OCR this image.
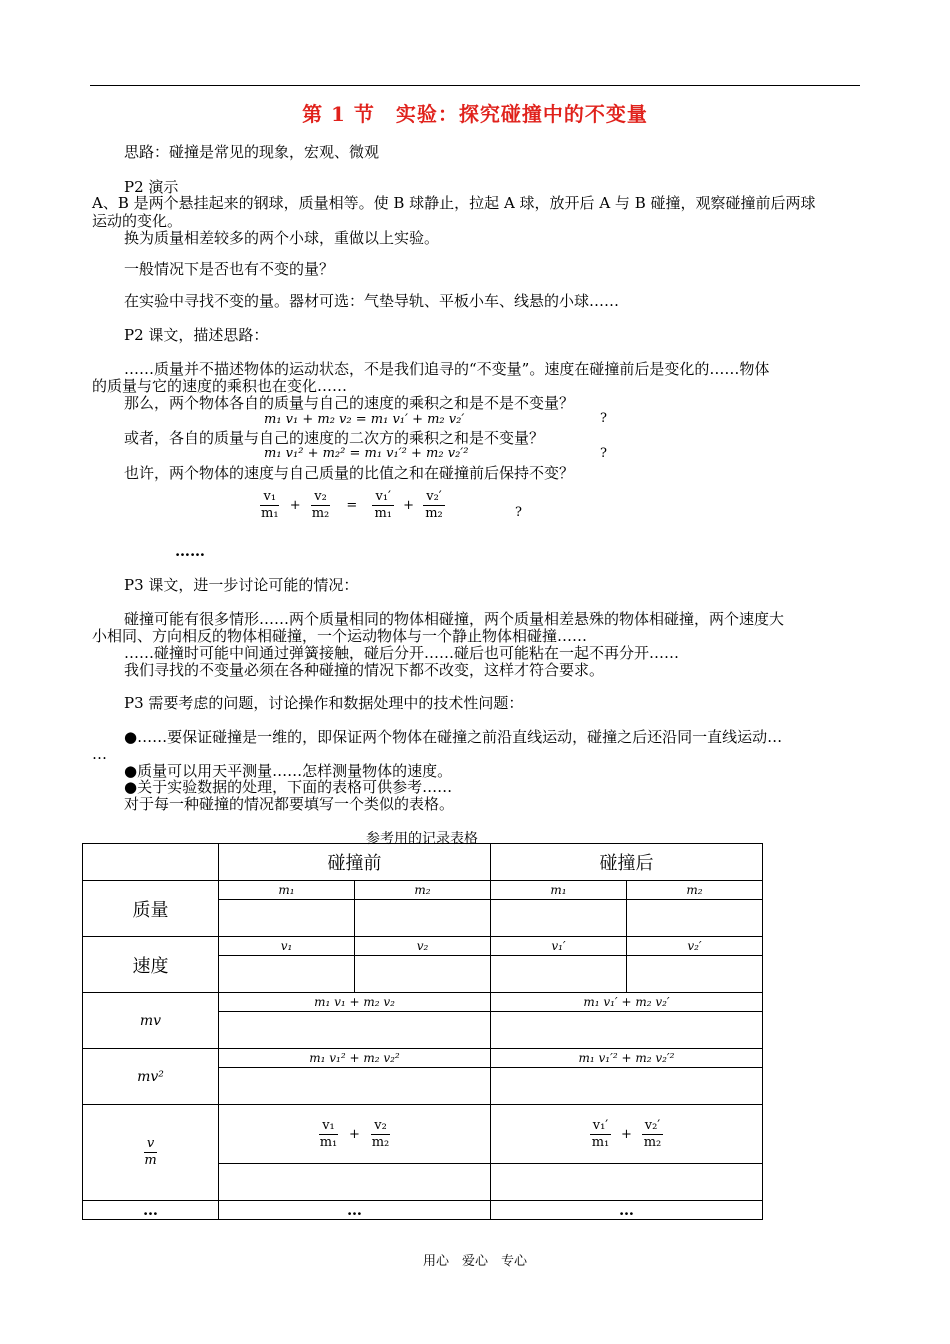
第 1 节　实验：探究碰撞中的不变量
思路：碰撞是常见的现象，宏观、微观
P2 演示
A、B 是两个悬挂起来的钢球，质量相等。使 B 球静止，拉起 A 球，放开后 A 与 B 碰撞，观察碰撞前后两球
运动的变化。
换为质量相差较多的两个小球，重做以上实验。
一般情况下是否也有不变的量？
在实验中寻找不变的量。器材可选：气垫导轨、平板小车、线悬的小球……
P2 课文，描述思路：
……质量并不描述物体的运动状态，不是我们追寻的“不变量”。速度在碰撞前后是变化的……物体
的质量与它的速度的乘积也在变化……
那么，两个物体各自的质量与自己的速度的乘积之和是不是不变量？
m₁ v₁ + m₂ v₂ = m₁ v₁′ + m₂ v₂′	?
或者，各自的质量与自己的速度的二次方的乘积之和是不变量？
m₁ v₁² + m₂² = m₁ v₁′² + m₂ v₂′²	?
也许，两个物体的速度与自己质量的比值之和在碰撞前后保持不变？
$\frac{\text{v₁}}{\text{m₁}} + \frac{\text{v₂}}{\text{m₂}} = \frac{\text{v₁′}}{\text{m₁}} + \frac{\text{v₂′}}{\text{m₂}}$	?
……
P3 课文，进一步讨论可能的情况：
碰撞可能有很多情形……两个质量相同的物体相碰撞，两个质量相差悬殊的物体相碰撞，两个速度大
小相同、方向相反的物体相碰撞，一个运动物体与一个静止物体相碰撞……
……碰撞时可能中间通过弹簧接触，碰后分开……碰后也可能粘在一起不再分开……
我们寻找的不变量必须在各种碰撞的情况下都不改变，这样才符合要求。
P3 需要考虑的问题，讨论操作和数据处理中的技术性问题：
●……要保证碰撞是一维的，即保证两个物体在碰撞之前沿直线运动，碰撞之后还沿同一直线运动…
…
●质量可以用天平测量……怎样测量物体的速度。
●关于实验数据的处理，下面的表格可供参考……
对于每一种碰撞的情况都要填写一个类似的表格。
参考用的记录表格
	碰撞前		碰撞后	
质量	m₁	m₂	m₁	m₂

速度	v₁	v₂	v₁′	v₂′

mv	m₁ v₁ + m₂ v₂		m₁ v₁′ + m₂ v₂′	

mv²	m₁ v₁² + m₂ v₂²		m₁ v₁′² + m₂ v₂′²	

$\frac{v}{m}$	$\frac{\text{v₁}}{\text{m₁}} + \frac{\text{v₂}}{\text{m₂}}$		$\frac{\text{v₁′}}{\text{m₁}} + \frac{\text{v₂′}}{\text{m₂}}$

…	…		…	
用心　爱心　专心
